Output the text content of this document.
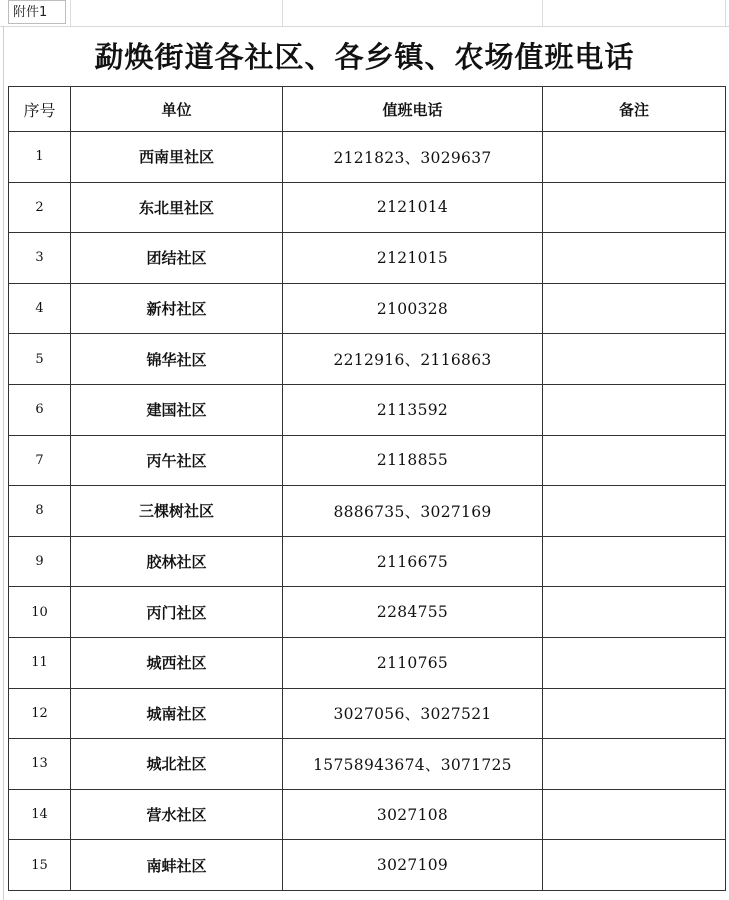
附件1
勐焕街道各社区、各乡镇、农场值班电话
序号	单位	值班电话	备注
1	西南里社区	2121823、3029637	
2	东北里社区	2121014	
3	团结社区	2121015	
4	新村社区	2100328	
5	锦华社区	2212916、2116863	
6	建国社区	2113592	
7	丙午社区	2118855	
8	三棵树社区	8886735、3027169	
9	胶林社区	2116675	
10	丙门社区	2284755	
11	城西社区	2110765	
12	城南社区	3027056、3027521	
13	城北社区	15758943674、3071725	
14	营水社区	3027108	
15	南蚌社区	3027109	
